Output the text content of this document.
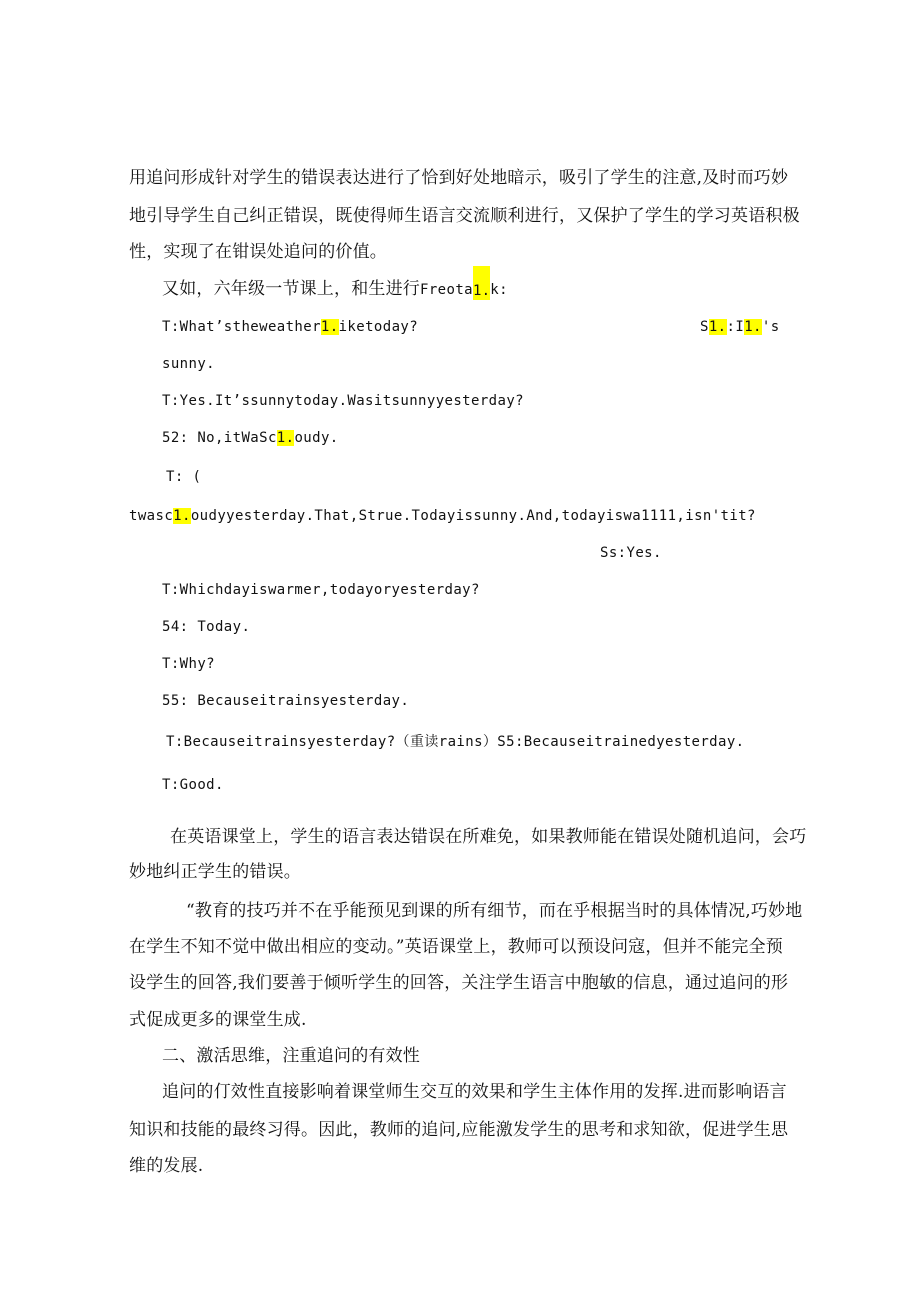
用追问形成针对学生的错误表达进行了恰到好处地暗示，吸引了学生的注意,及时而巧妙
地引导学生自己纠正错误，既使得师生语言交流顺利进行，又保护了学生的学习英语积极
性，实现了在钳误处追问的价值。
又如，六年级一节课上，和生进行Freota1.k:
T:What’stheweather1.iketoday?	S1.:I1.'s
sunny.
T:Yes.It’ssunnytoday.Wasitsunnyyesterday?
52: No,itWaSc1.oudy.
T: (
twasc1.oudyyesterday.That,Strue.Todayissunny.And,todayiswa1111,isn'tit?
Ss:Yes.
T:Whichdayiswarmer,todayoryesterday?
54: Today.
T:Why?
55: Becauseitrainsyesterday.
T:Becauseitrainsyesterday?（重读rains）S5:Becauseitrainedyesterday.
T:Good.
在英语课堂上，学生的语言表达错误在所难免，如果教师能在错误处随机追问，会巧
妙地纠正学生的错误。
“教育的技巧并不在乎能预见到课的所有细节，而在乎根据当时的具体情况,巧妙地
在学生不知不觉中做出相应的变动。”英语课堂上，教师可以预设问寇，但并不能完全预
设学生的回答,我们要善于倾听学生的回答，关注学生语言中胞敏的信息，通过追问的形
式促成更多的课堂生成.
二、激活思维，注重追问的有效性
追问的仃效性直接影响着课堂师生交互的效果和学生主体作用的发挥.进而影响语言
知识和技能的最终习得。因此，教师的追问,应能激发学生的思考和求知欲，促进学生思
维的发展.
